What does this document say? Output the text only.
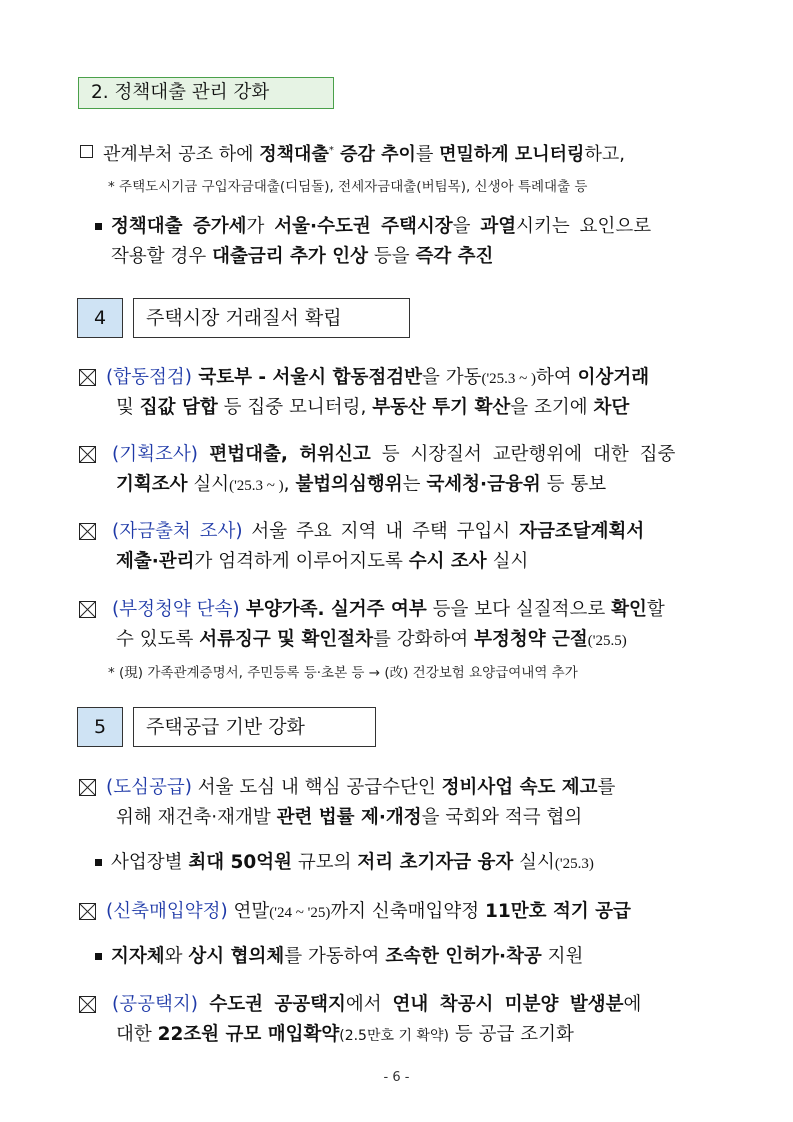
2. 정책대출 관리 강화
관계부처 공조 하에 정책대출* 증감 추이를 면밀하게 모니터링하고,
* 주택도시기금 구입자금대출(디딤돌), 전세자금대출(버팀목), 신생아 특례대출 등
정책대출 증가세가 서울·수도권 주택시장을 과열시키는 요인으로
작용할 경우 대출금리 추가 인상 등을 즉각 추진
4	주택시장 거래질서 확립
(합동점검) 국토부 - 서울시 합동점검반을 가동('25.3 ~ )하여 이상거래
및 집값 담합 등 집중 모니터링, 부동산 투기 확산을 조기에 차단
(기획조사) 편법대출, 허위신고 등 시장질서 교란행위에 대한 집중
기획조사 실시('25.3 ~ ), 불법의심행위는 국세청·금융위 등 통보
(자금출처 조사) 서울 주요 지역 내 주택 구입시 자금조달계획서
제출·관리가 엄격하게 이루어지도록 수시 조사 실시
(부정청약 단속) 부양가족. 실거주 여부 등을 보다 실질적으로 확인할
수 있도록 서류징구 및 확인절차를 강화하여 부정청약 근절('25.5)
* (現) 가족관계증명서, 주민등록 등·초본 등 → (改) 건강보험 요양급여내역 추가
5	주택공급 기반 강화
(도심공급) 서울 도심 내 핵심 공급수단인 정비사업 속도 제고를
위해 재건축·재개발 관련 법률 제·개정을 국회와 적극 협의
사업장별 최대 50억원 규모의 저리 초기자금 융자 실시('25.3)
(신축매입약정) 연말('24 ~ '25)까지 신축매입약정 11만호 적기 공급
지자체와 상시 협의체를 가동하여 조속한 인허가·착공 지원
(공공택지) 수도권 공공택지에서 연내 착공시 미분양 발생분에
대한 22조원 규모 매입확약(2.5만호 기 확약) 등 공급 조기화
- 6 -
